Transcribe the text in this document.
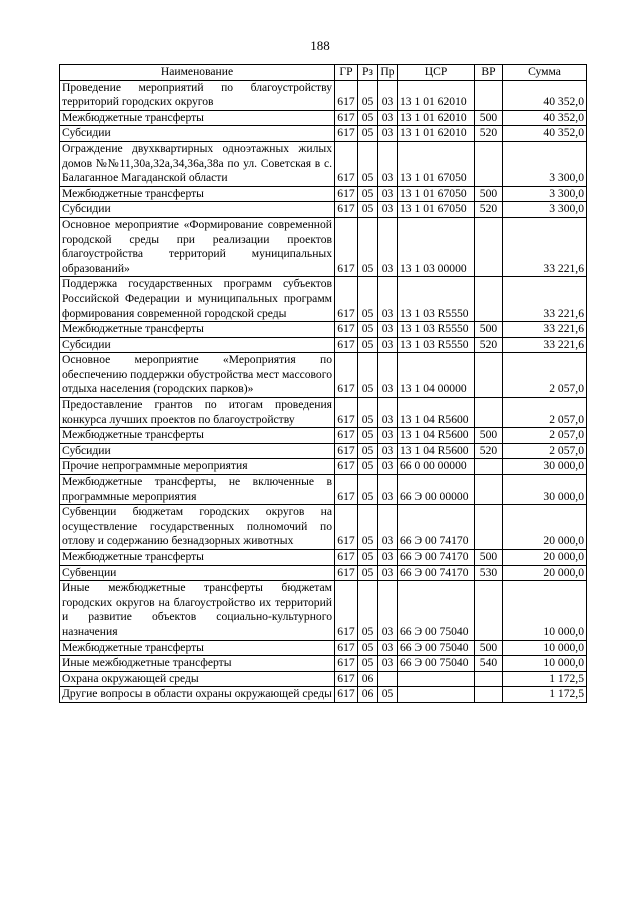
188
Наименование	ГР	Рз	Пр	ЦСР	ВР	Сумма
Проведение мероприятий по благоустройству территорий городских округов	617	05	03	13 1 01 62010		40 352,0
Межбюджетные трансферты	617	05	03	13 1 01 62010	500	40 352,0
Субсидии	617	05	03	13 1 01 62010	520	40 352,0
Ограждение двухквартирных одноэтажных жилых домов №№11,30а,32а,34,36а,38а по ул. Советская в с. Балаганное Магаданской области	617	05	03	13 1 01 67050		3 300,0
Межбюджетные трансферты	617	05	03	13 1 01 67050	500	3 300,0
Субсидии	617	05	03	13 1 01 67050	520	3 300,0
Основное мероприятие «Формирование современной городской среды при реализации проектов благоустройства территорий муниципальных образований»	617	05	03	13 1 03 00000		33 221,6
Поддержка государственных программ субъектов Российской Федерации и муниципальных программ формирования современной городской среды	617	05	03	13 1 03 R5550		33 221,6
Межбюджетные трансферты	617	05	03	13 1 03 R5550	500	33 221,6
Субсидии	617	05	03	13 1 03 R5550	520	33 221,6
Основное мероприятие «Мероприятия по обеспечению поддержки обустройства мест массового отдыха населения (городских парков)»	617	05	03	13 1 04 00000		2 057,0
Предоставление грантов по итогам проведения конкурса лучших проектов по благоустройству	617	05	03	13 1 04 R5600		2 057,0
Межбюджетные трансферты	617	05	03	13 1 04 R5600	500	2 057,0
Субсидии	617	05	03	13 1 04 R5600	520	2 057,0
Прочие непрограммные мероприятия	617	05	03	66 0 00 00000		30 000,0
Межбюджетные трансферты, не включенные в программные мероприятия	617	05	03	66 Э 00 00000		30 000,0
Субвенции бюджетам городских округов на осуществление государственных полномочий по отлову и содержанию безнадзорных животных	617	05	03	66 Э 00 74170		20 000,0
Межбюджетные трансферты	617	05	03	66 Э 00 74170	500	20 000,0
Субвенции	617	05	03	66 Э 00 74170	530	20 000,0
Иные межбюджетные трансферты бюджетам городских округов на благоустройство их территорий и развитие объектов социально-культурного назначения	617	05	03	66 Э 00 75040		10 000,0
Межбюджетные трансферты	617	05	03	66 Э 00 75040	500	10 000,0
Иные межбюджетные трансферты	617	05	03	66 Э 00 75040	540	10 000,0
Охрана окружающей среды	617	06				1 172,5
Другие вопросы в области охраны окружающей среды	617	06	05			1 172,5
